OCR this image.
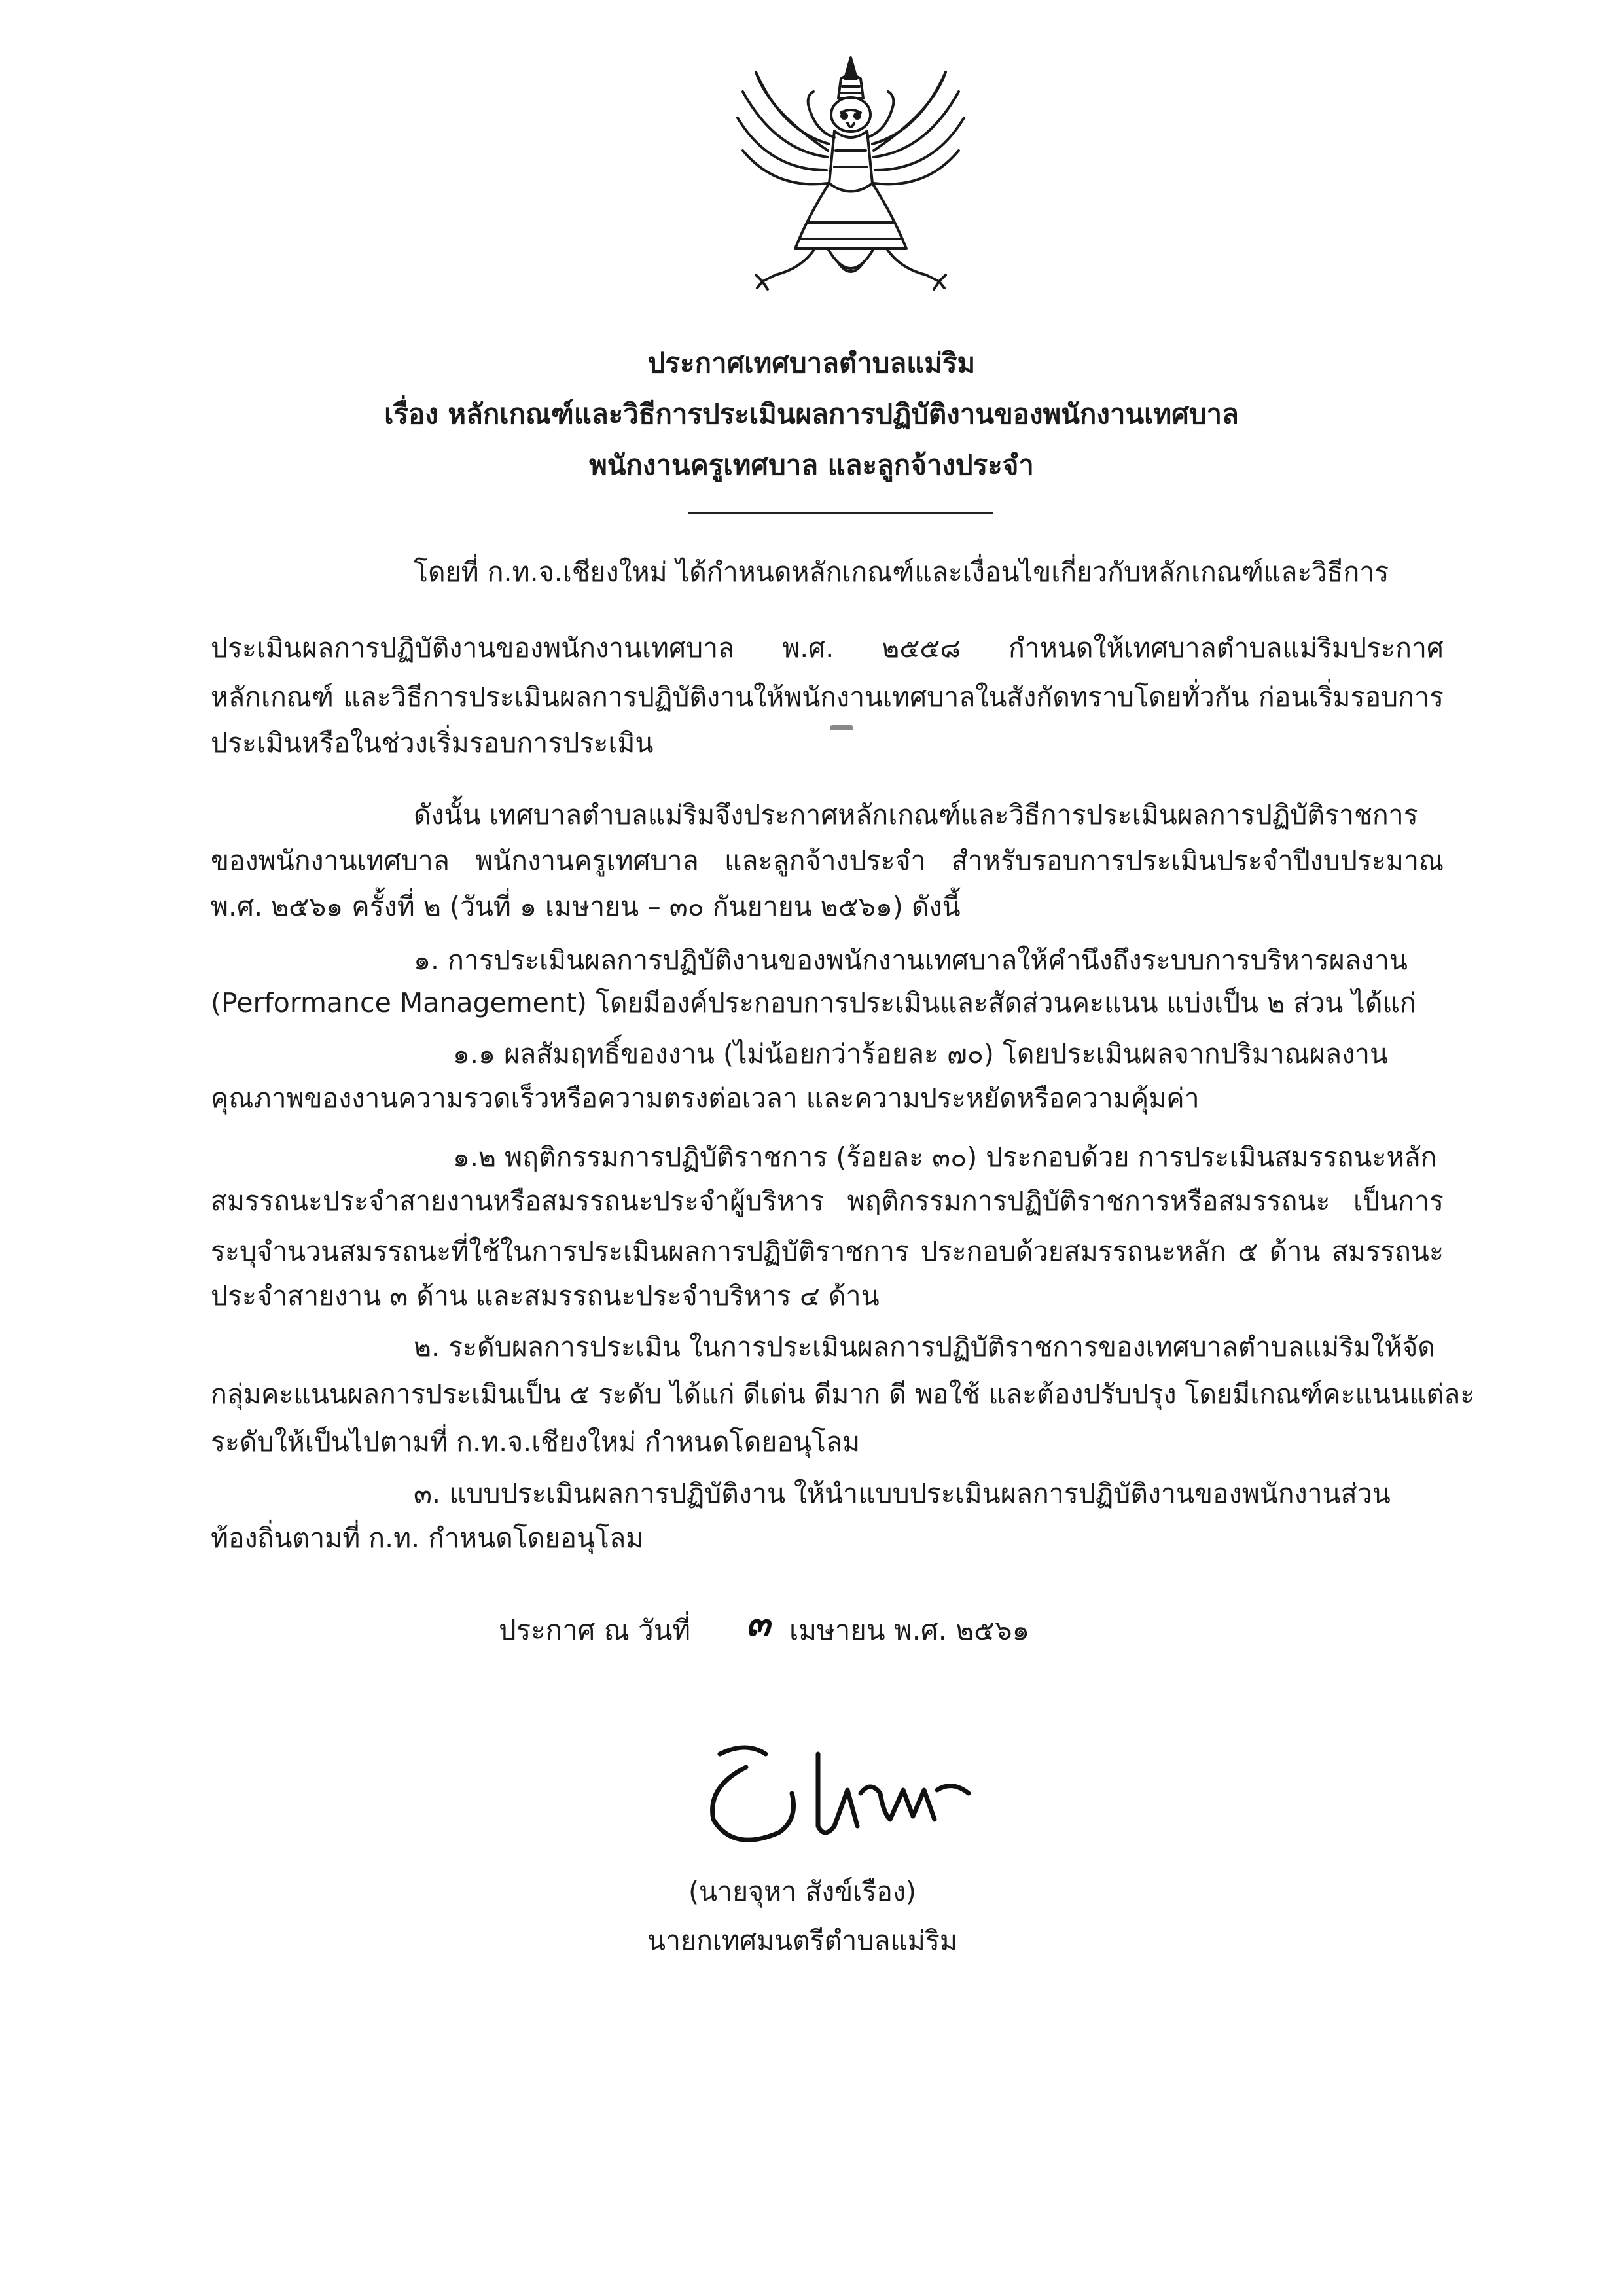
ประกาศเทศบาลตำบลแม่ริม
เรื่อง หลักเกณฑ์และวิธีการประเมินผลการปฏิบัติงานของพนักงานเทศบาล
พนักงานครูเทศบาล และลูกจ้างประจำ
โดยที่ ก.ท.จ.เชียงใหม่ ได้กำหนดหลักเกณฑ์และเงื่อนไขเกี่ยวกับหลักเกณฑ์และวิธีการ
ประเมินผลการปฏิบัติงานของพนักงานเทศบาล พ.ศ. ๒๕๕๘ กำหนดให้เทศบาลตำบลแม่ริมประกาศ
หลักเกณฑ์ และวิธีการประเมินผลการปฏิบัติงานให้พนักงานเทศบาลในสังกัดทราบโดยทั่วกัน ก่อนเริ่มรอบการ
ประเมินหรือในช่วงเริ่มรอบการประเมิน
ดังนั้น เทศบาลตำบลแม่ริมจึงประกาศหลักเกณฑ์และวิธีการประเมินผลการปฏิบัติราชการ
ของพนักงานเทศบาล พนักงานครูเทศบาล และลูกจ้างประจำ สำหรับรอบการประเมินประจำปีงบประมาณ
พ.ศ. ๒๕๖๑ ครั้งที่ ๒ (วันที่ ๑ เมษายน – ๓๐ กันยายน ๒๕๖๑) ดังนี้
๑. การประเมินผลการปฏิบัติงานของพนักงานเทศบาลให้คำนึงถึงระบบการบริหารผลงาน
(Performance Management) โดยมีองค์ประกอบการประเมินและสัดส่วนคะแนน แบ่งเป็น ๒ ส่วน ได้แก่
๑.๑ ผลสัมฤทธิ์ของงาน (ไม่น้อยกว่าร้อยละ ๗๐) โดยประเมินผลจากปริมาณผลงาน
คุณภาพของงานความรวดเร็วหรือความตรงต่อเวลา และความประหยัดหรือความคุ้มค่า
๑.๒ พฤติกรรมการปฏิบัติราชการ (ร้อยละ ๓๐) ประกอบด้วย การประเมินสมรรถนะหลัก
สมรรถนะประจำสายงานหรือสมรรถนะประจำผู้บริหาร พฤติกรรมการปฏิบัติราชการหรือสมรรถนะ เป็นการ
ระบุจำนวนสมรรถนะที่ใช้ในการประเมินผลการปฏิบัติราชการ ประกอบด้วยสมรรถนะหลัก ๕ ด้าน สมรรถนะ
ประจำสายงาน ๓ ด้าน และสมรรถนะประจำบริหาร ๔ ด้าน
๒. ระดับผลการประเมิน ในการประเมินผลการปฏิบัติราชการของเทศบาลตำบลแม่ริมให้จัด
กลุ่มคะแนนผลการประเมินเป็น ๕ ระดับ ได้แก่ ดีเด่น ดีมาก ดี พอใช้ และต้องปรับปรุง โดยมีเกณฑ์คะแนนแต่ละ
ระดับให้เป็นไปตามที่ ก.ท.จ.เชียงใหม่ กำหนดโดยอนุโลม
๓. แบบประเมินผลการปฏิบัติงาน ให้นำแบบประเมินผลการปฏิบัติงานของพนักงานส่วน
ท้องถิ่นตามที่ ก.ท. กำหนดโดยอนุโลม
ประกาศ ณ วันที่ ๓ เมษายน พ.ศ. ๒๕๖๑
(นายจุหา สังข์เรือง)
นายกเทศมนตรีตำบลแม่ริม
